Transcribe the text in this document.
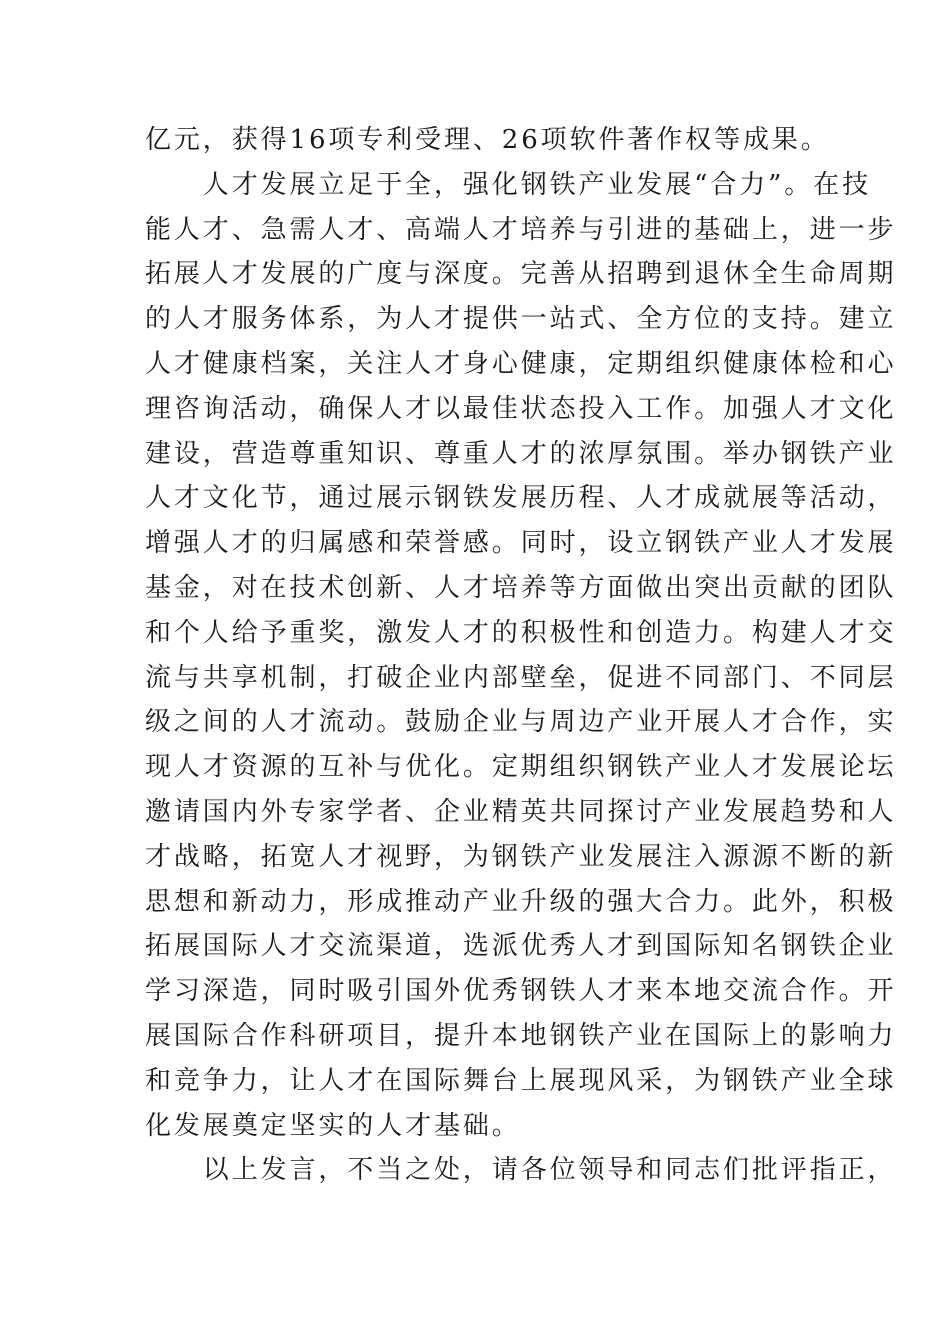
亿元，获得16项专利受理、26项软件著作权等成果。
　　人才发展立足于全，强化钢铁产业发展“合力”。在技
能人才、急需人才、高端人才培养与引进的基础上，进一步
拓展人才发展的广度与深度。完善从招聘到退休全生命周期
的人才服务体系，为人才提供一站式、全方位的支持。建立
人才健康档案，关注人才身心健康，定期组织健康体检和心
理咨询活动，确保人才以最佳状态投入工作。加强人才文化
建设，营造尊重知识、尊重人才的浓厚氛围。举办钢铁产业
人才文化节，通过展示钢铁发展历程、人才成就展等活动，
增强人才的归属感和荣誉感。同时，设立钢铁产业人才发展
基金，对在技术创新、人才培养等方面做出突出贡献的团队
和个人给予重奖，激发人才的积极性和创造力。构建人才交
流与共享机制，打破企业内部壁垒，促进不同部门、不同层
级之间的人才流动。鼓励企业与周边产业开展人才合作，实
现人才资源的互补与优化。定期组织钢铁产业人才发展论坛
邀请国内外专家学者、企业精英共同探讨产业发展趋势和人
才战略，拓宽人才视野，为钢铁产业发展注入源源不断的新
思想和新动力，形成推动产业升级的强大合力。此外，积极
拓展国际人才交流渠道，选派优秀人才到国际知名钢铁企业
学习深造，同时吸引国外优秀钢铁人才来本地交流合作。开
展国际合作科研项目，提升本地钢铁产业在国际上的影响力
和竞争力，让人才在国际舞台上展现风采，为钢铁产业全球
化发展奠定坚实的人才基础。
　　以上发言，不当之处，请各位领导和同志们批评指正，
